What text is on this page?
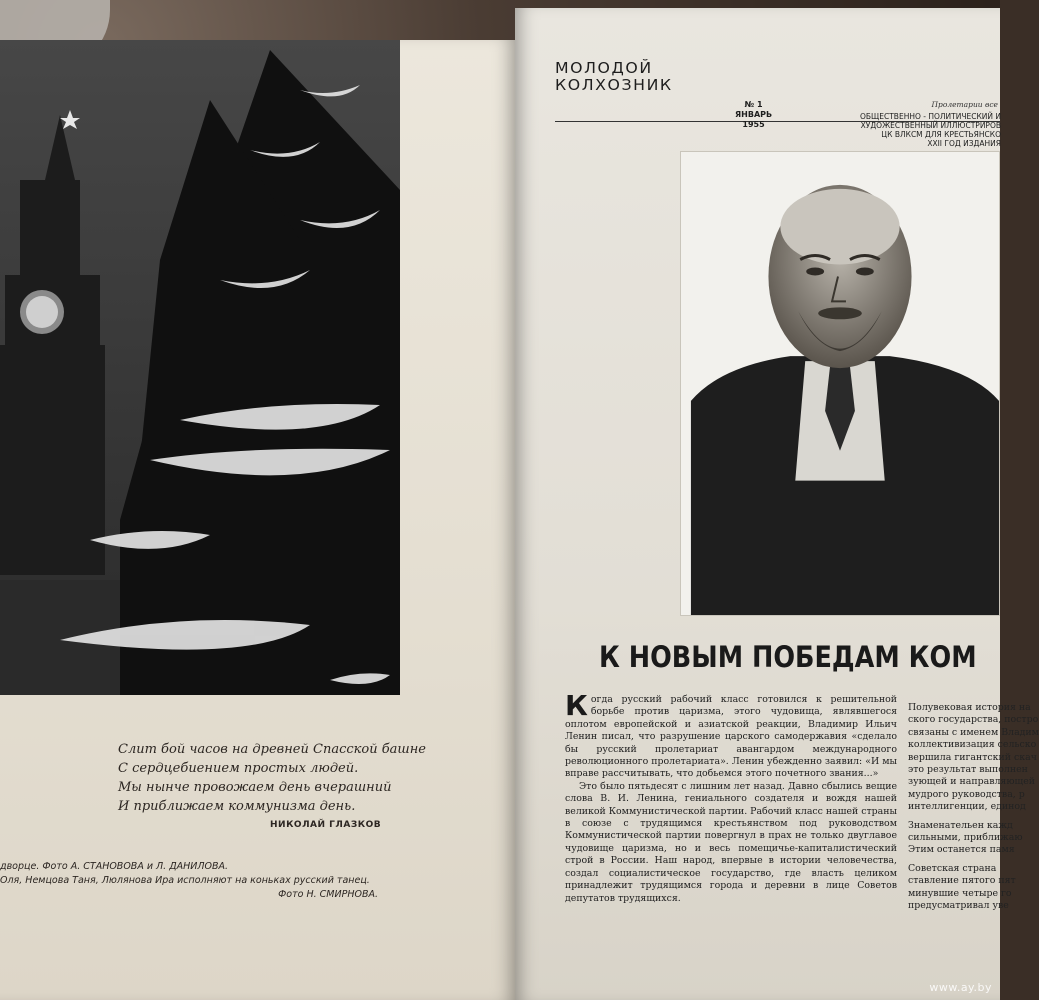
Слит бой часов на древней Спасской башне
С сердцебиением простых людей.
Мы нынче провожаем день вчерашний
И приближаем коммунизма день.
НИКОЛАЙ ГЛАЗКОВ
дворце. Фото А. СТАНОВОВА и Л. ДАНИЛОВА.
Оля, Немцова Таня, Люлянова Ира исполняют на коньках русский танец.
Фото Н. СМИРНОВА.
МОЛОДОЙ
КОЛХОЗНИК
№ 1
ЯНВАРЬ
1955
Пролетарии все
ОБЩЕСТВЕННО - ПОЛИТИЧЕСКИЙ И
ХУДОЖЕСТВЕННЫЙ ИЛЛЮСТРИРОВ
ЦК ВЛКСМ ДЛЯ КРЕСТЬЯНСКО
XXII ГОД ИЗДАНИЯ
К НОВЫМ ПОБЕДАМ КОМ

Когда русский рабочий класс готовился к решительной борьбе против царизма, этого чудовища, являвшегося оплотом европейской и азиатской реакции, Владимир Ильич Ленин писал, что разрушение царского самодержавия «сделало бы русский пролетариат авангардом международного революционного пролетариата». Ленин убежденно заявил: «И мы вправе рассчитывать, что добьемся этого почетного звания...»

Это было пятьдесят с лишним лет назад. Давно сбылись вещие слова В. И. Ленина, гениального создателя и вождя нашей великой Коммунистической партии. Рабочий класс нашей страны в союзе с трудящимся крестьянством под руководством Коммунистической партии повергнул в прах не только двуглавое чудовище царизма, но и весь помещичье-капиталистический строй в России. Наш народ, впервые в истории человечества, создал социалистическое государство, где власть целиком принадлежит трудящимся города и деревни в лице Советов депутатов трудящихся.

Полувековая история на
ского государства, постро
связаны с именем Владим
коллективизация сельско
вершила гигантский скач
это результат выполнен
зующей и направляющей
мудрого руководства, р
интеллигенции, единод
Знаменательен кажд
сильными, приближаю
Этим останется памя
Советская страна
ставление пятого пят
минувшие четыре го
предусматривал уве
www.ay.by
